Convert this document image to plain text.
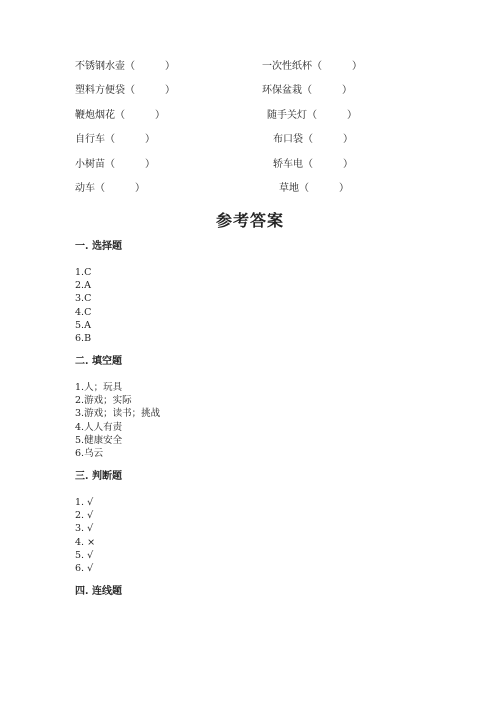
不锈钢水壶（　　　）	一次性纸杯（　　　）
塑料方便袋（　　　）	环保盆栽（　　　）
鞭炮烟花（　　　）	随手关灯（　　　）
自行车（　　　）	布口袋（　　　）
小树苗（　　　）	轿车电（　　　）
动车（　　　）	草地（　　　）
参考答案
一. 选择题
1.C
2.A
3.C
4.C
5.A
6.B
二. 填空题
1.人；玩具
2.游戏；实际
3.游戏；读书；挑战
4.人人有责
5.健康安全
6.乌云
三. 判断题
1. √
2. √
3. √
4. ×
5. √
6. √
四. 连线题
